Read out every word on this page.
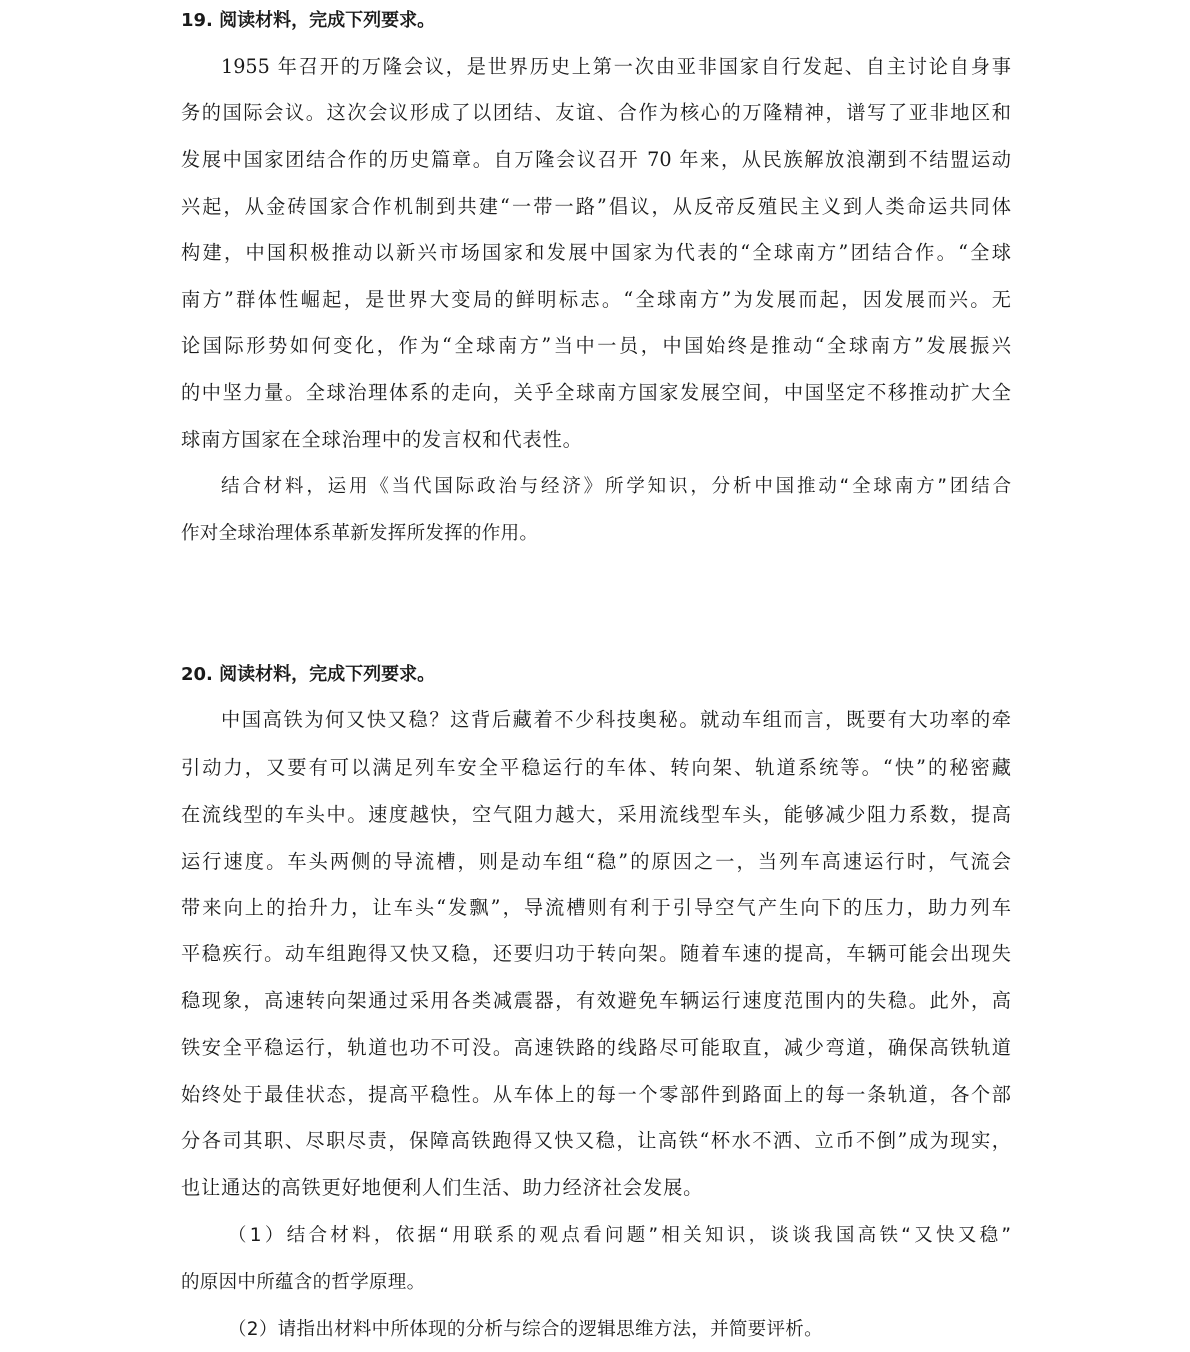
19. 阅读材料，完成下列要求。
1955 年召开的万隆会议，是世界历史上第一次由亚非国家自行发起、自主讨论自身事
务的国际会议。这次会议形成了以团结、友谊、合作为核心的万隆精神，谱写了亚非地区和
发展中国家团结合作的历史篇章。自万隆会议召开 70 年来，从民族解放浪潮到不结盟运动
兴起，从金砖国家合作机制到共建“一带一路”倡议，从反帝反殖民主义到人类命运共同体
构建，中国积极推动以新兴市场国家和发展中国家为代表的“全球南方”团结合作。“全球
南方”群体性崛起，是世界大变局的鲜明标志。“全球南方”为发展而起，因发展而兴。无
论国际形势如何变化，作为“全球南方”当中一员，中国始终是推动“全球南方”发展振兴
的中坚力量。全球治理体系的走向，关乎全球南方国家发展空间，中国坚定不移推动扩大全
球南方国家在全球治理中的发言权和代表性。
结合材料，运用《当代国际政治与经济》所学知识，分析中国推动“全球南方”团结合
作对全球治理体系革新发挥所发挥的作用。
20. 阅读材料，完成下列要求。
中国高铁为何又快又稳？这背后藏着不少科技奥秘。就动车组而言，既要有大功率的牵
引动力，又要有可以满足列车安全平稳运行的车体、转向架、轨道系统等。“快”的秘密藏
在流线型的车头中。速度越快，空气阻力越大，采用流线型车头，能够减少阻力系数，提高
运行速度。车头两侧的导流槽，则是动车组“稳”的原因之一，当列车高速运行时，气流会
带来向上的抬升力，让车头“发飘”，导流槽则有利于引导空气产生向下的压力，助力列车
平稳疾行。动车组跑得又快又稳，还要归功于转向架。随着车速的提高，车辆可能会出现失
稳现象，高速转向架通过采用各类减震器，有效避免车辆运行速度范围内的失稳。此外，高
铁安全平稳运行，轨道也功不可没。高速铁路的线路尽可能取直，减少弯道，确保高铁轨道
始终处于最佳状态，提高平稳性。从车体上的每一个零部件到路面上的每一条轨道，各个部
分各司其职、尽职尽责，保障高铁跑得又快又稳，让高铁“杯水不洒、立币不倒”成为现实，
也让通达的高铁更好地便利人们生活、助力经济社会发展。
（1）结合材料，依据“用联系的观点看问题”相关知识，谈谈我国高铁“又快又稳”
的原因中所蕴含的哲学原理。
（2）请指出材料中所体现的分析与综合的逻辑思维方法，并简要评析。
